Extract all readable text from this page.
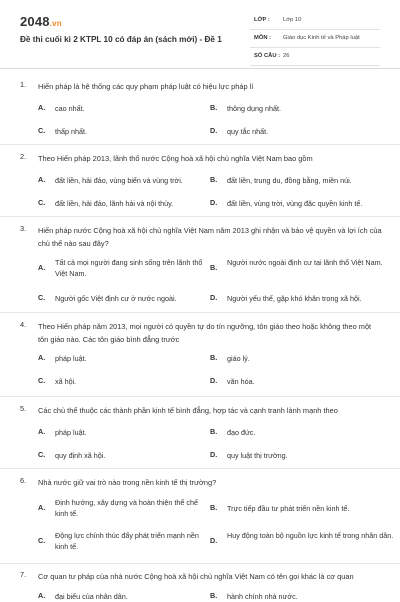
2048.vn
Đề thi cuối kì 2 KTPL 10 có đáp án (sách mới) - Đề 1
LỚP : Lớp 10
MÔN : Giáo dục Kinh tế và Pháp luật
SỐ CÂU : 26
1. Hiến pháp là hệ thống các quy phạm pháp luật có hiệu lực pháp lí
A. cao nhất.	B. thông dụng nhất.
C. thấp nhất.	D. quy tắc nhất.
2. Theo Hiến pháp 2013, lãnh thổ nước Cộng hoà xã hội chủ nghĩa Việt Nam bao gồm
A. đất liền, hải đảo, vùng biển và vùng trời.	B. đất liền, trung du, đồng bằng, miền núi.
C. đất liền, hải đảo, lãnh hải và nội thủy.	D. đất liền, vùng trời, vùng đặc quyền kinh tế.
3. Hiến pháp nước Cộng hoà xã hội chủ nghĩa Việt Nam năm 2013 ghi nhận và bảo vệ quyền và lợi ích của chủ thể nào sau đây?
A.
Tất cả mọi người đang sinh sống trên lãnh thổ Việt Nam.
B.
Người nước ngoài định cư tại lãnh thổ Việt Nam.
C. Người gốc Việt định cư ở nước ngoài.	D. Người yếu thế, gặp khó khăn trong xã hội.
4. Theo Hiến pháp năm 2013, mọi người có quyền tự do tín ngưỡng, tôn giáo theo hoặc không theo một tôn giáo nào. Các tôn giáo bình đẳng trước
A. pháp luật.	B. giáo lý.
C. xã hội.	D. văn hóa.
5. Các chủ thể thuộc các thành phần kinh tế bình đẳng, hợp tác và cạnh tranh lành mạnh theo
A. pháp luật.	B. đạo đức.
C. quy định xã hội.	D. quy luật thị trường.
6. Nhà nước giữ vai trò nào trong nền kinh tế thị trường?
A.
Định hướng, xây dựng và hoàn thiện thể chế kinh tế.
B. Trực tiếp đầu tư phát triển nền kinh tế.
C.
Động lực chính thúc đẩy phát triển mạnh nền kinh tế.
D.
Huy động toàn bộ nguồn lực kinh tế trong nhân dân.
7. Cơ quan tư pháp của nhà nước Cộng hoà xã hội chủ nghĩa Việt Nam có tên gọi khác là cơ quan
A. đại biểu của nhân dân.	B. hành chính nhà nước.
